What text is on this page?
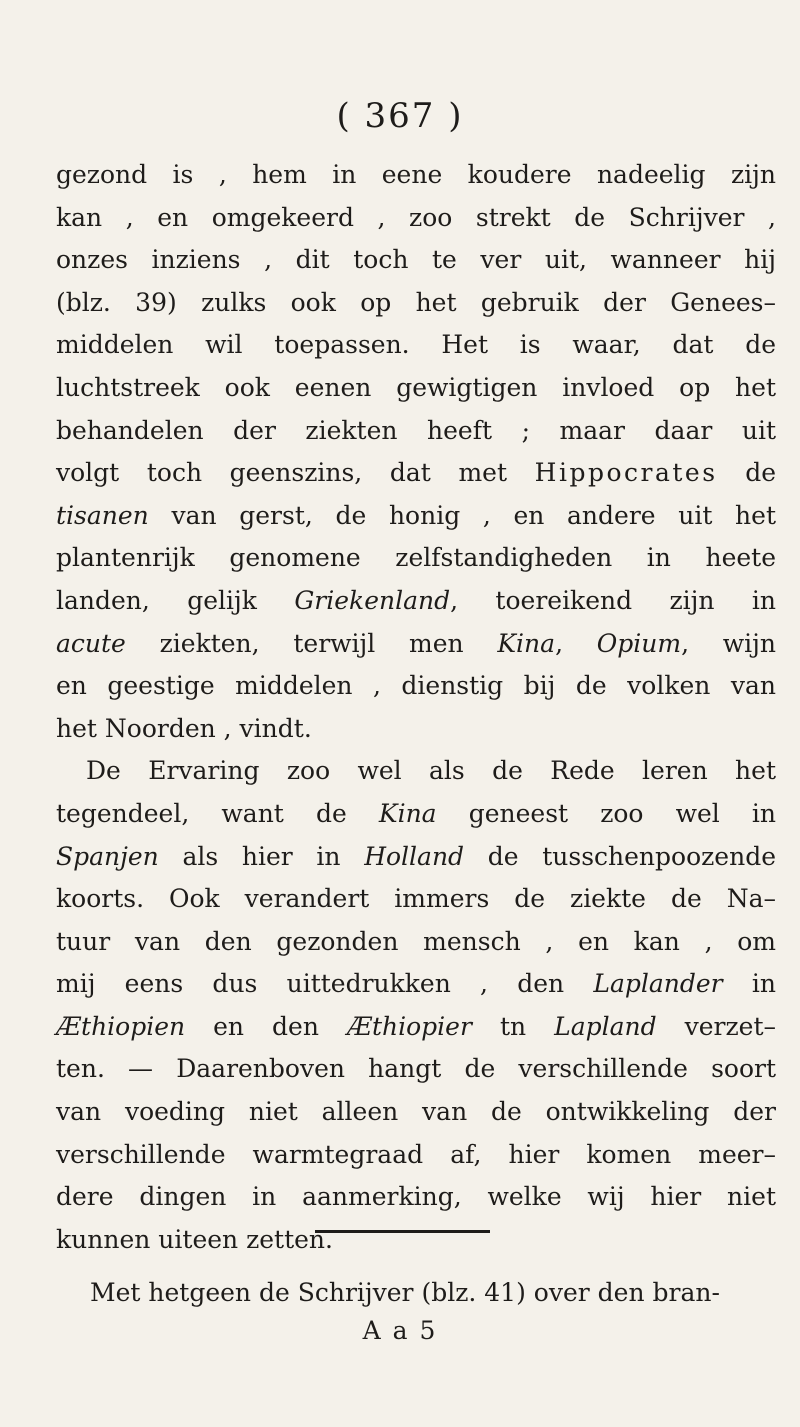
( 367 )
gezond is , hem in eene koudere nadeelig zijn
kan , en omgekeerd , zoo strekt de Schrijver ,
onzes inziens , dit toch te ver uit, wanneer hij
(blz. 39) zulks ook op het gebruik der Genees–
middelen wil toepassen. Het is waar, dat de
luchtstreek ook eenen gewigtigen invloed op het
behandelen der ziekten heeft ; maar daar uit
volgt toch geenszins, dat met Hippocrates de
tisanen van gerst, de honig , en andere uit het
plantenrijk genomene zelfstandigheden in heete
landen, gelijk Griekenland, toereikend zijn in
acute ziekten, terwijl men Kina, Opium, wijn
en geestige middelen , dienstig bij de volken van
het Noorden , vindt.
De Ervaring zoo wel als de Rede leren het
tegendeel, want de Kina geneest zoo wel in
Spanjen als hier in Holland de tusschenpoozende
koorts. Ook verandert immers de ziekte de Na–
tuur van den gezonden mensch , en kan , om
mij eens dus uittedrukken , den Laplander in
Æthiopien en den Æthiopier tn Lapland verzet–
ten. — Daarenboven hangt de verschillende soort
van voeding niet alleen van de ontwikkeling der
verschillende warmtegraad af, hier komen meer–
dere dingen in aanmerking, welke wij hier niet
kunnen uiteen zetten.
Met hetgeen de Schrijver (blz. 41) over den bran-
A a 5
